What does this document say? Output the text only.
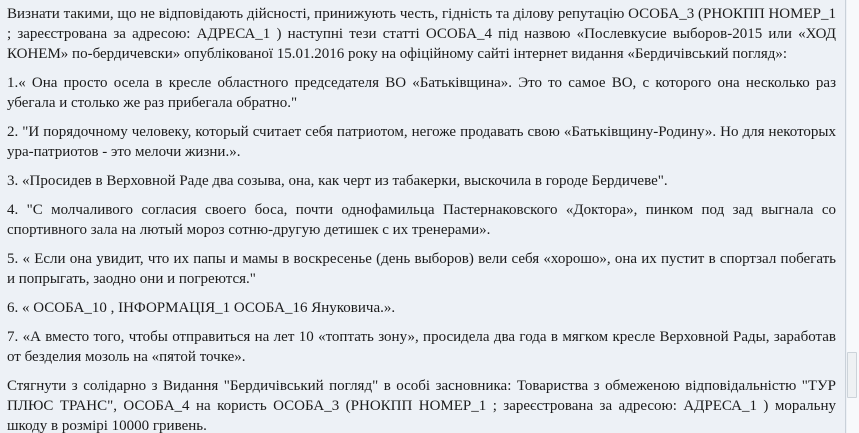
Визнати такими, що не відповідають дійсності, принижують честь, гідність та ділову репутацію ОСОБА_3 (РНОКПП НОМЕР_1 ; зареєстрована за адресою: АДРЕСА_1 ) наступні тези статті ОСОБА_4 під назвою «Послевкусие выборов-2015 или «ХОД КОНЕМ» по-бердичевски» опублікованої 15.01.2016 року на офіційному сайті інтернет видання «Бердичівський погляд»:

1.« Она просто осела в кресле областного председателя ВО «Батьківщина». Это то самое ВО, с которого она несколько раз убегала и столько же раз прибегала обратно."

2. "И порядочному человеку, который считает себя патриотом, негоже продавать свою «Батьківщину-Родину». Но для некоторых ура-патриотов - это мелочи жизни.».

3. «Просидев в Верховной Раде два созыва, она, как черт из табакерки, выскочила в городе Бердичеве".

4. "С молчаливого согласия своего боса, почти однофамильца Пастернаковского «Доктора», пинком под зад выгнала со спортивного зала на лютый мороз сотню-другую детишек с их тренерами».

5. « Если она увидит, что их папы и мамы в воскресенье (день выборов) вели себя «хорошо», она их пустит в спортзал побегать и попрыгать, заодно они и погреются."

6. « ОСОБА_10 , ІНФОРМАЦІЯ_1 ОСОБА_16 Януковича.».

7. «А вместо того, чтобы отправиться на лет 10 «топтать зону», просидела два года в мягком кресле Верховной Рады, заработав от безделия мозоль на «пятой точке».

Стягнути з солідарно з Видання "Бердичівський погляд" в особі засновника: Товариства з обмеженою відповідальністю "ТУР ПЛЮС ТРАНС", ОСОБА_4 на користь ОСОБА_3 (РНОКПП НОМЕР_1 ; зареєстрована за адресою: АДРЕСА_1 ) моральну шкоду в розмірі 10000 гривень.
